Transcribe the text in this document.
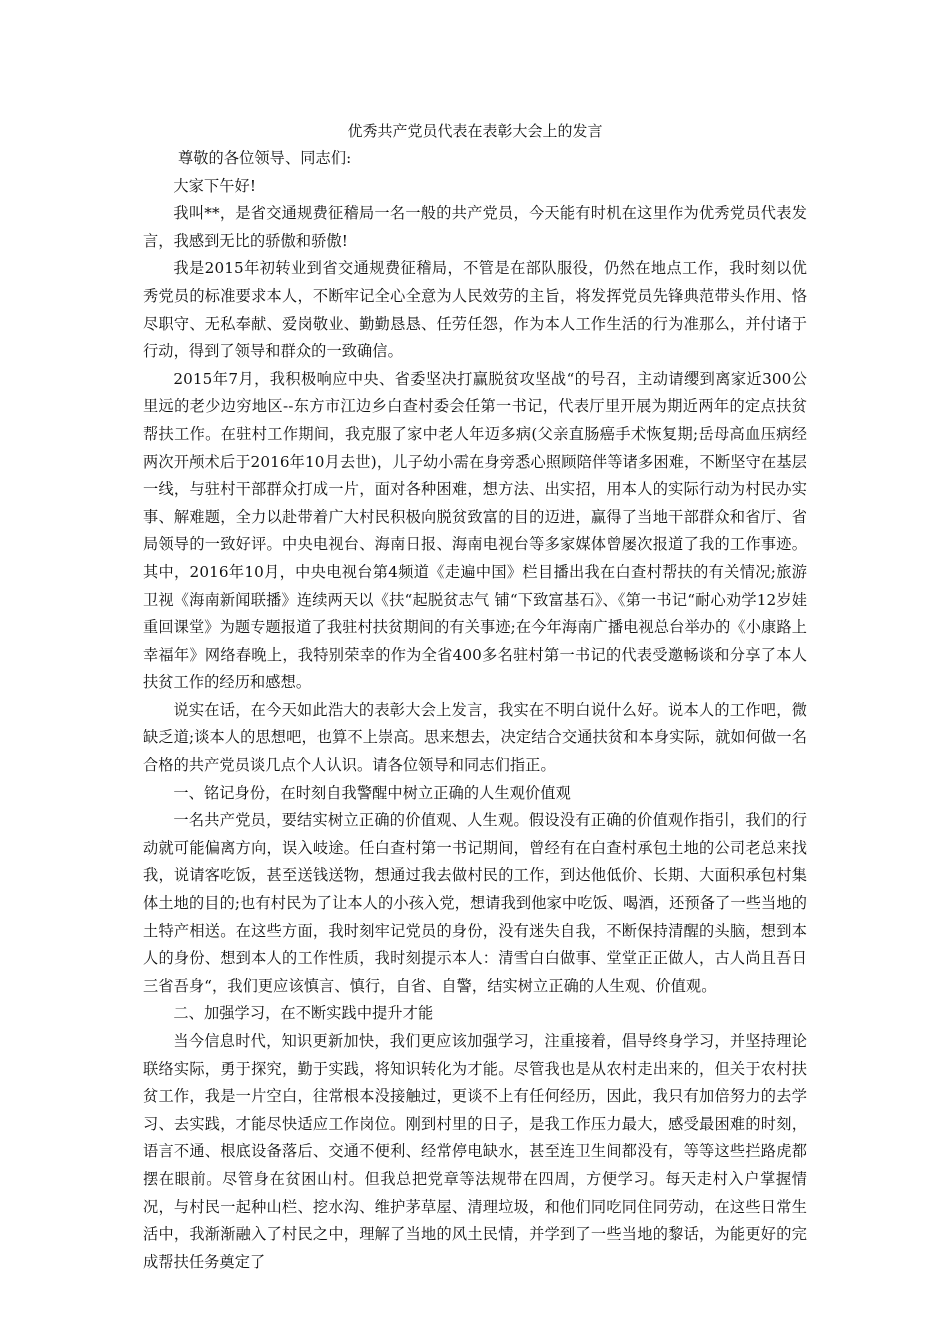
优秀共产党员代表在表彰大会上的发言

尊敬的各位领导、同志们:

大家下午好!

我叫**，是省交通规费征稽局一名一般的共产党员，今天能有时机在这里作为优秀党员代表发言，我感到无比的骄傲和骄傲!

我是2015年初转业到省交通规费征稽局，不管是在部队服役，仍然在地点工作，我时刻以优秀党员的标准要求本人，不断牢记全心全意为人民效劳的主旨，将发挥党员先锋典范带头作用、恪尽职守、无私奉献、爱岗敬业、勤勤恳恳、任劳任怨，作为本人工作生活的行为准那么，并付诸于行动，得到了领导和群众的一致确信。

2015年7月，我积极响应中央、省委坚决打赢脱贫攻坚战“的号召，主动请缨到离家近300公里远的老少边穷地区--东方市江边乡白查村委会任第一书记，代表厅里开展为期近两年的定点扶贫帮扶工作。在驻村工作期间，我克服了家中老人年迈多病(父亲直肠癌手术恢复期;岳母高血压病经两次开颅术后于2016年10月去世)，儿子幼小需在身旁悉心照顾陪伴等诸多困难，不断坚守在基层一线，与驻村干部群众打成一片，面对各种困难，想方法、出实招，用本人的实际行动为村民办实事、解难题，全力以赴带着广大村民积极向脱贫致富的目的迈进，赢得了当地干部群众和省厅、省局领导的一致好评。中央电视台、海南日报、海南电视台等多家媒体曾屡次报道了我的工作事迹。其中，2016年10月，中央电视台第4频道《走遍中国》栏目播出我在白查村帮扶的有关情况;旅游卫视《海南新闻联播》连续两天以《扶“起脱贫志气 铺“下致富基石》、《第一书记“耐心劝学12岁娃重回课堂》为题专题报道了我驻村扶贫期间的有关事迹;在今年海南广播电视总台举办的《小康路上幸福年》网络春晚上，我特别荣幸的作为全省400多名驻村第一书记的代表受邀畅谈和分享了本人扶贫工作的经历和感想。

说实在话，在今天如此浩大的表彰大会上发言，我实在不明白说什么好。说本人的工作吧，微缺乏道;谈本人的思想吧，也算不上崇高。思来想去，决定结合交通扶贫和本身实际，就如何做一名合格的共产党员谈几点个人认识。请各位领导和同志们指正。

一、铭记身份，在时刻自我警醒中树立正确的人生观价值观

一名共产党员，要结实树立正确的价值观、人生观。假设没有正确的价值观作指引，我们的行动就可能偏离方向，误入岐途。任白查村第一书记期间，曾经有在白查村承包土地的公司老总来找我，说请客吃饭，甚至送钱送物，想通过我去做村民的工作，到达他低价、长期、大面积承包村集体土地的目的;也有村民为了让本人的小孩入党，想请我到他家中吃饭、喝酒，还预备了一些当地的土特产相送。在这些方面，我时刻牢记党员的身份，没有迷失自我，不断保持清醒的头脑，想到本人的身份、想到本人的工作性质，我时刻提示本人：清雪白白做事、堂堂正正做人，古人尚且吾日三省吾身“，我们更应该慎言、慎行，自省、自警，结实树立正确的人生观、价值观。

二、加强学习，在不断实践中提升才能

当今信息时代，知识更新加快，我们更应该加强学习，注重接着，倡导终身学习，并坚持理论联络实际，勇于探究，勤于实践，将知识转化为才能。尽管我也是从农村走出来的，但关于农村扶贫工作，我是一片空白，往常根本没接触过，更谈不上有任何经历，因此，我只有加倍努力的去学习、去实践，才能尽快适应工作岗位。刚到村里的日子，是我工作压力最大，感受最困难的时刻，语言不通、根底设备落后、交通不便利、经常停电缺水，甚至连卫生间都没有，等等这些拦路虎都摆在眼前。尽管身在贫困山村。但我总把党章等法规带在四周，方便学习。每天走村入户掌握情况，与村民一起种山栏、挖水沟、维护茅草屋、清理垃圾，和他们同吃同住同劳动，在这些日常生活中，我渐渐融入了村民之中，理解了当地的风土民情，并学到了一些当地的黎话，为能更好的完成帮扶任务奠定了
